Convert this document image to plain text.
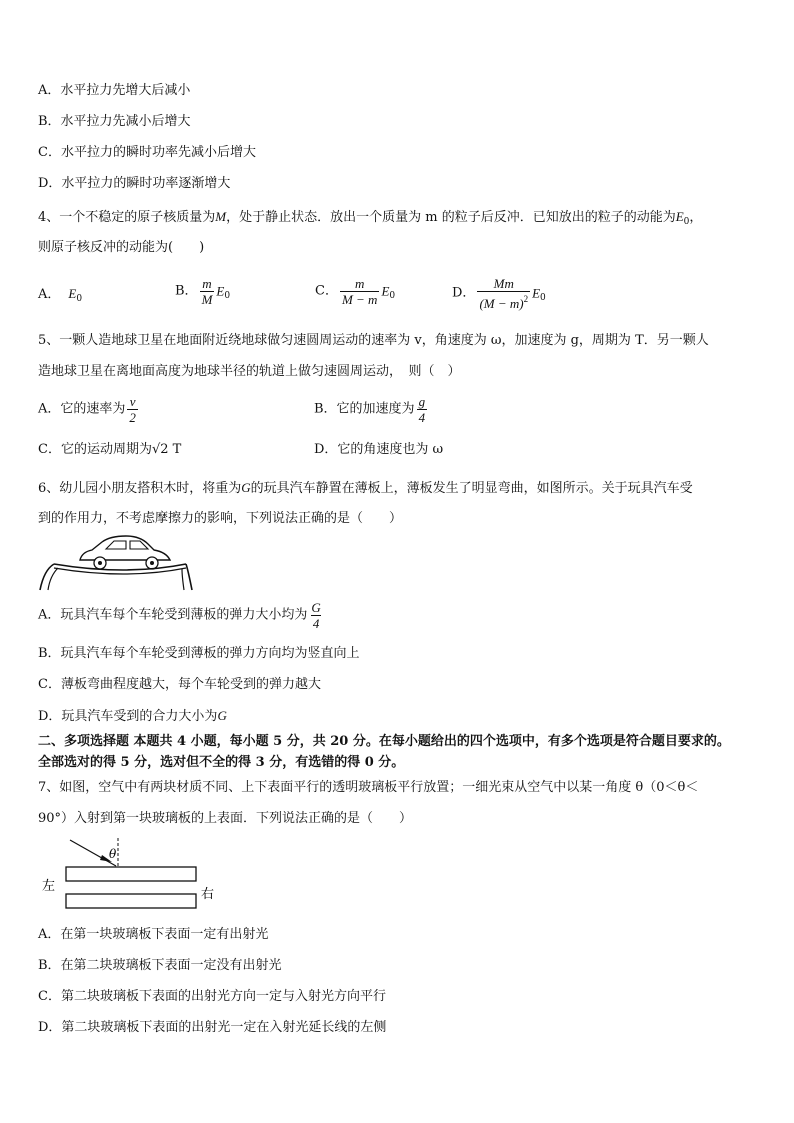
A．水平拉力先增大后减小
B．水平拉力先减小后增大
C．水平拉力的瞬时功率先减小后增大
D．水平拉力的瞬时功率逐渐增大
4、一个不稳定的原子核质量为M，处于静止状态．放出一个质量为 m 的粒子后反冲．已知放出的粒子的动能为$E_0$，
则原子核反冲的动能为(　　)
A． $E_0$
B． $\frac{m}{M} E_0$	C． $\frac{m}{M - m} E_0$	D． $\frac{Mm}{(M - m)^2} E_0$
5、一颗人造地球卫星在地面附近绕地球做匀速圆周运动的速率为 v，角速度为 ω，加速度为 g，周期为 T．另一颗人
造地球卫星在离地面高度为地球半径的轨道上做匀速圆周运动，　则（　）
A．它的速率为 $\frac{v}{2}$	B．它的加速度为 $\frac{g}{4}$
C．它的运动周期为√2 T	D．它的角速度也为 ω
6、幼儿园小朋友搭积木时，将重为G的玩具汽车静置在薄板上，薄板发生了明显弯曲，如图所示。关于玩具汽车受
到的作用力，不考虑摩擦力的影响，下列说法正确的是（　　）
A．玩具汽车每个车轮受到薄板的弹力大小均为 $\frac{G}{4}$
B．玩具汽车每个车轮受到薄板的弹力方向均为竖直向上
C．薄板弯曲程度越大，每个车轮受到的弹力越大
D．玩具汽车受到的合力大小为G
二、多项选择题 本题共 4 小题，每小题 5 分，共 20 分。在每小题给出的四个选项中，有多个选项是符合题目要求的。
全部选对的得 5 分，选对但不全的得 3 分，有选错的得 0 分。
7、如图，空气中有两块材质不同、上下表面平行的透明玻璃板平行放置；一细光束从空气中以某一角度 θ（0＜θ＜
90°）入射到第一块玻璃板的上表面．下列说法正确的是（　　）
θ
左
右
A．在第一块玻璃板下表面一定有出射光
B．在第二块玻璃板下表面一定没有出射光
C．第二块玻璃板下表面的出射光方向一定与入射光方向平行
D．第二块玻璃板下表面的出射光一定在入射光延长线的左侧
